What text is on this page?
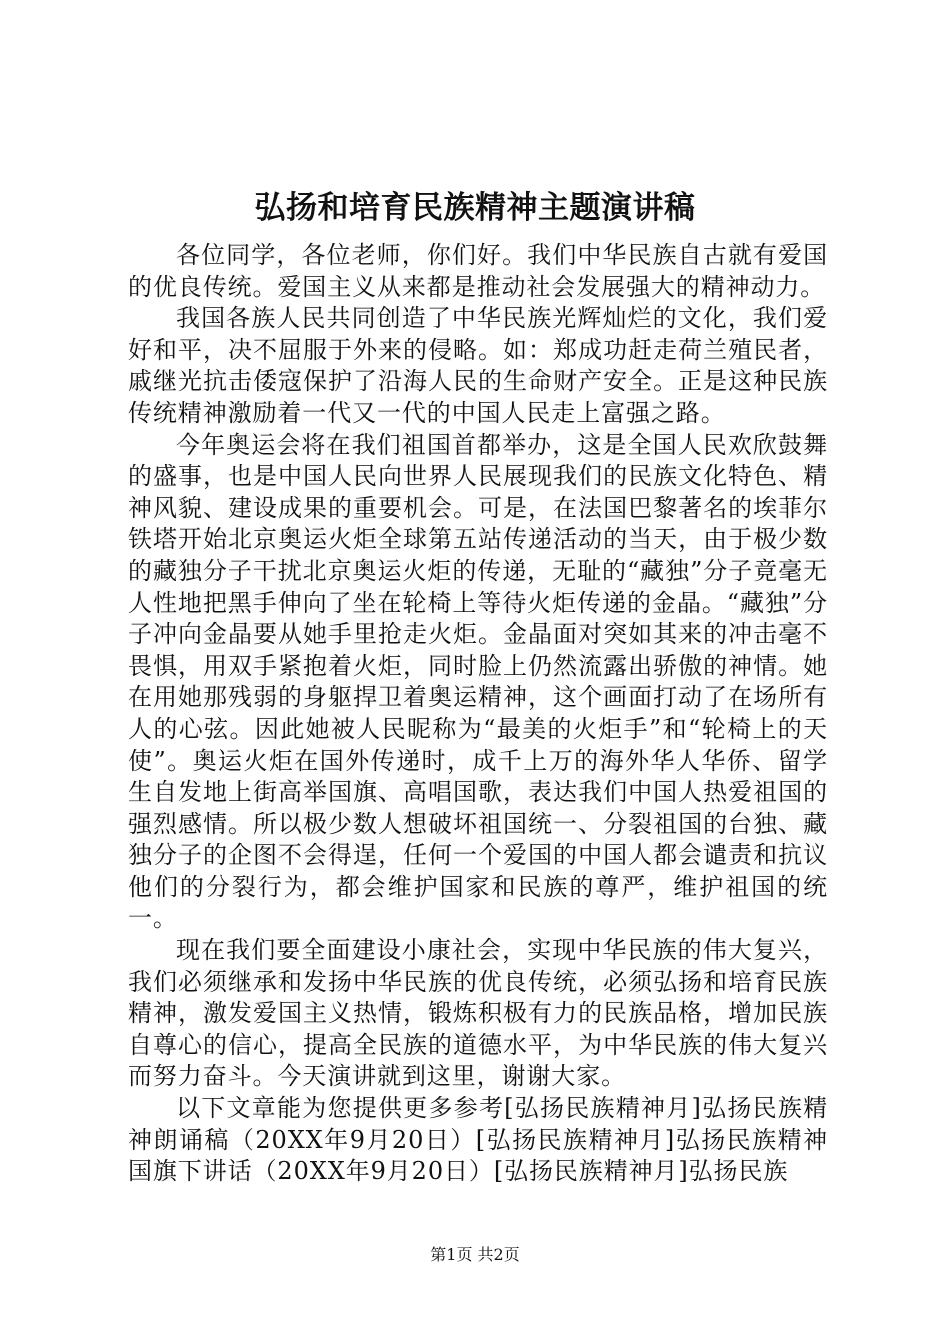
弘扬和培育民族精神主题演讲稿

各位同学，各位老师，你们好。我们中华民族自古就有爱国的优良传统。爱国主义从来都是推动社会发展强大的精神动力。

我国各族人民共同创造了中华民族光辉灿烂的文化，我们爱好和平，决不屈服于外来的侵略。如：郑成功赶走荷兰殖民者，戚继光抗击倭寇保护了沿海人民的生命财产安全。正是这种民族传统精神激励着一代又一代的中国人民走上富强之路。

今年奥运会将在我们祖国首都举办，这是全国人民欢欣鼓舞的盛事，也是中国人民向世界人民展现我们的民族文化特色、精神风貌、建设成果的重要机会。可是，在法国巴黎著名的埃菲尔铁塔开始北京奥运火炬全球第五站传递活动的当天，由于极少数的藏独分子干扰北京奥运火炬的传递，无耻的“藏独”分子竟毫无人性地把黑手伸向了坐在轮椅上等待火炬传递的金晶。“藏独”分子冲向金晶要从她手里抢走火炬。金晶面对突如其来的冲击毫不畏惧，用双手紧抱着火炬，同时脸上仍然流露出骄傲的神情。她在用她那残弱的身躯捍卫着奥运精神，这个画面打动了在场所有人的心弦。因此她被人民昵称为“最美的火炬手”和“轮椅上的天使”。奥运火炬在国外传递时，成千上万的海外华人华侨、留学生自发地上街高举国旗、高唱国歌，表达我们中国人热爱祖国的强烈感情。所以极少数人想破坏祖国统一、分裂祖国的台独、藏独分子的企图不会得逞，任何一个爱国的中国人都会谴责和抗议他们的分裂行为，都会维护国家和民族的尊严，维护祖国的统一。

现在我们要全面建设小康社会，实现中华民族的伟大复兴，我们必须继承和发扬中华民族的优良传统，必须弘扬和培育民族精神，激发爱国主义热情，锻炼积极有力的民族品格，增加民族自尊心的信心，提高全民族的道德水平，为中华民族的伟大复兴而努力奋斗。今天演讲就到这里，谢谢大家。

以下文章能为您提供更多参考[弘扬民族精神月]弘扬民族精神朗诵稿（20XX年9月20日）[弘扬民族精神月]弘扬民族精神国旗下讲话（20XX年9月20日）[弘扬民族精神月]弘扬民族

第1页 共2页
